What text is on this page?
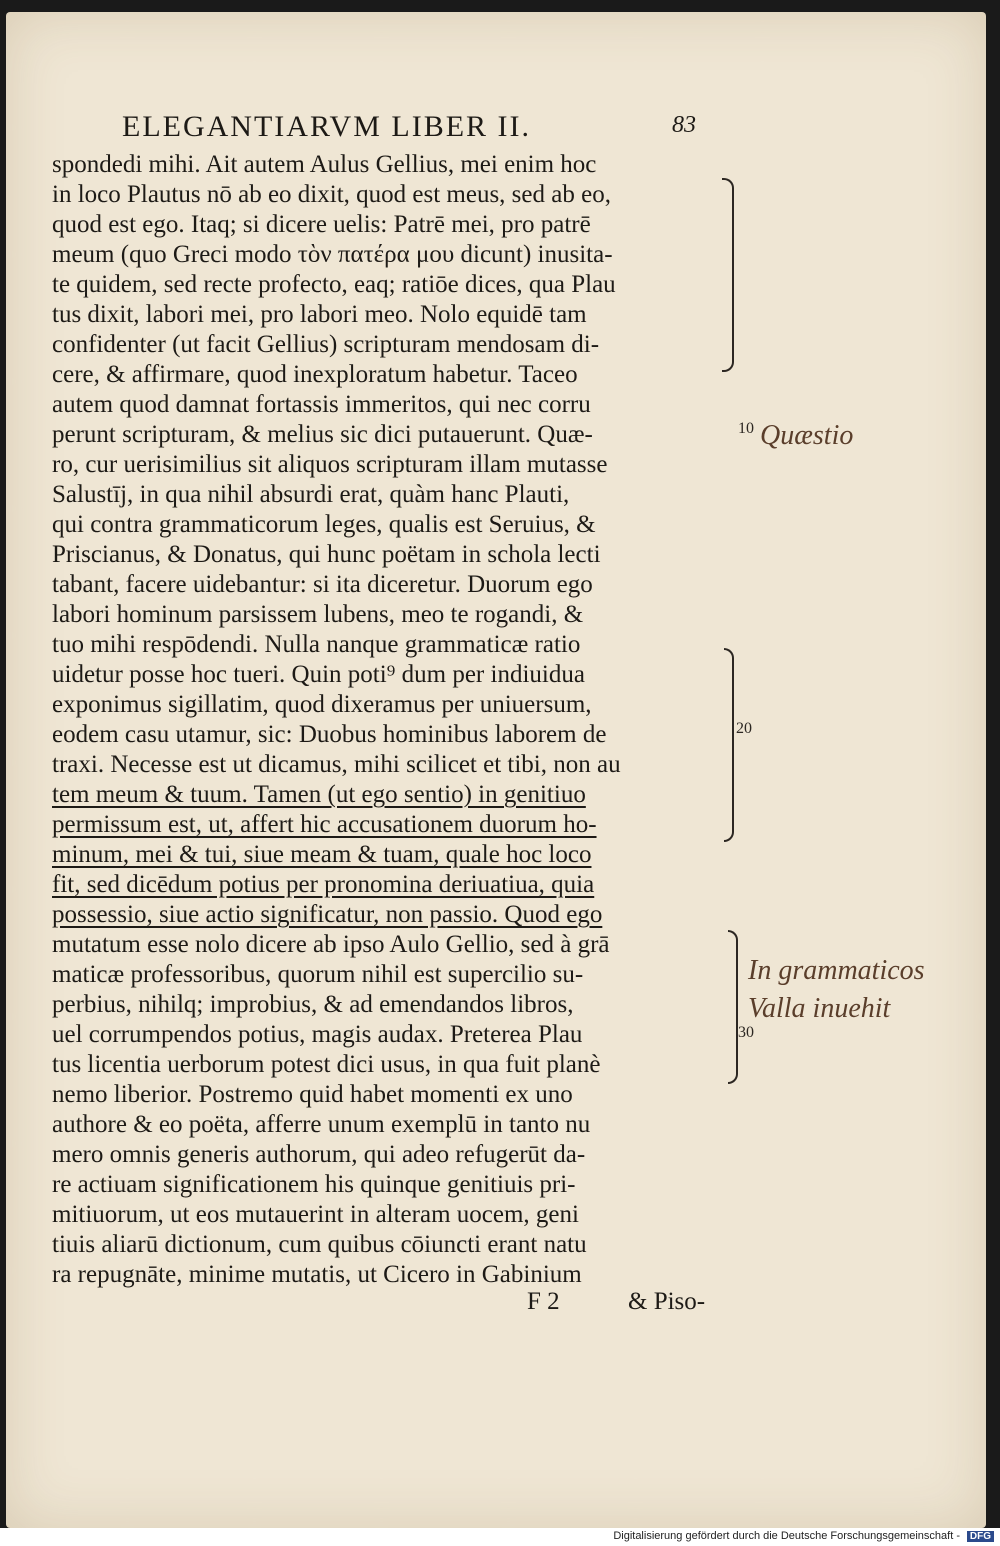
ELEGANTIARVM LIBER II.	83
spondedi mihi. Ait autem Aulus Gellius, mei enim hoc
in loco Plautus nō ab eo dixit, quod est meus, sed ab eo,
quod est ego. Itaq; si dicere uelis: Patrē mei, pro patrē
meum (quo Greci modo τὸν πατέρα μου dicunt) inusita-
te quidem, sed recte profecto, eaq; ratiōe dices, qua Plau
tus dixit, labori mei, pro labori meo. Nolo equidē tam
confidenter (ut facit Gellius) scripturam mendosam di-
cere, & affirmare, quod inexploratum habetur. Taceo
autem quod damnat fortassis immeritos, qui nec corru
perunt scripturam, & melius sic dici putauerunt. Quæ-
ro, cur uerisimilius sit aliquos scripturam illam mutasse
Salustīj, in qua nihil absurdi erat, quàm hanc Plauti,
qui contra grammaticorum leges, qualis est Seruius, &
Priscianus, & Donatus, qui hunc poëtam in schola lecti
tabant, facere uidebantur: si ita diceretur. Duorum ego
labori hominum parsissem lubens, meo te rogandi, &
tuo mihi respōdendi. Nulla nanque grammaticæ ratio
uidetur posse hoc tueri. Quin poti⁹ dum per indiuidua
exponimus sigillatim, quod dixeramus per uniuersum,
eodem casu utamur, sic: Duobus hominibus laborem de
traxi. Necesse est ut dicamus, mihi scilicet et tibi, non au
tem meum & tuum. Tamen (ut ego sentio) in genitiuo
permissum est, ut, affert hic accusationem duorum ho-
minum, mei & tui, siue meam & tuam, quale hoc loco
fit, sed dicēdum potius per pronomina deriuatiua, quia
possessio, siue actio significatur, non passio. Quod ego
mutatum esse nolo dicere ab ipso Aulo Gellio, sed à grā
maticæ professoribus, quorum nihil est supercilio su-
perbius, nihilq; improbius, & ad emendandos libros,
uel corrumpendos potius, magis audax. Preterea Plau
tus licentia uerborum potest dici usus, in qua fuit planè
nemo liberior. Postremo quid habet momenti ex uno
authore & eo poëta, afferre unum exemplū in tanto nu
mero omnis generis authorum, qui adeo refugerūt da-
re actiuam significationem his quinque genitiuis pri-
mitiuorum, ut eos mutauerint in alteram uocem, geni
tiuis aliarū dictionum, cum quibus cōiuncti erant natu
ra repugnāte, minime mutatis, ut Cicero in Gabinium
F 2	& Piso-
10
20
30
Quæstio
In grammaticos
Valla inuehit
Digitalisierung gefördert durch die Deutsche Forschungsgemeinschaft - DFG
